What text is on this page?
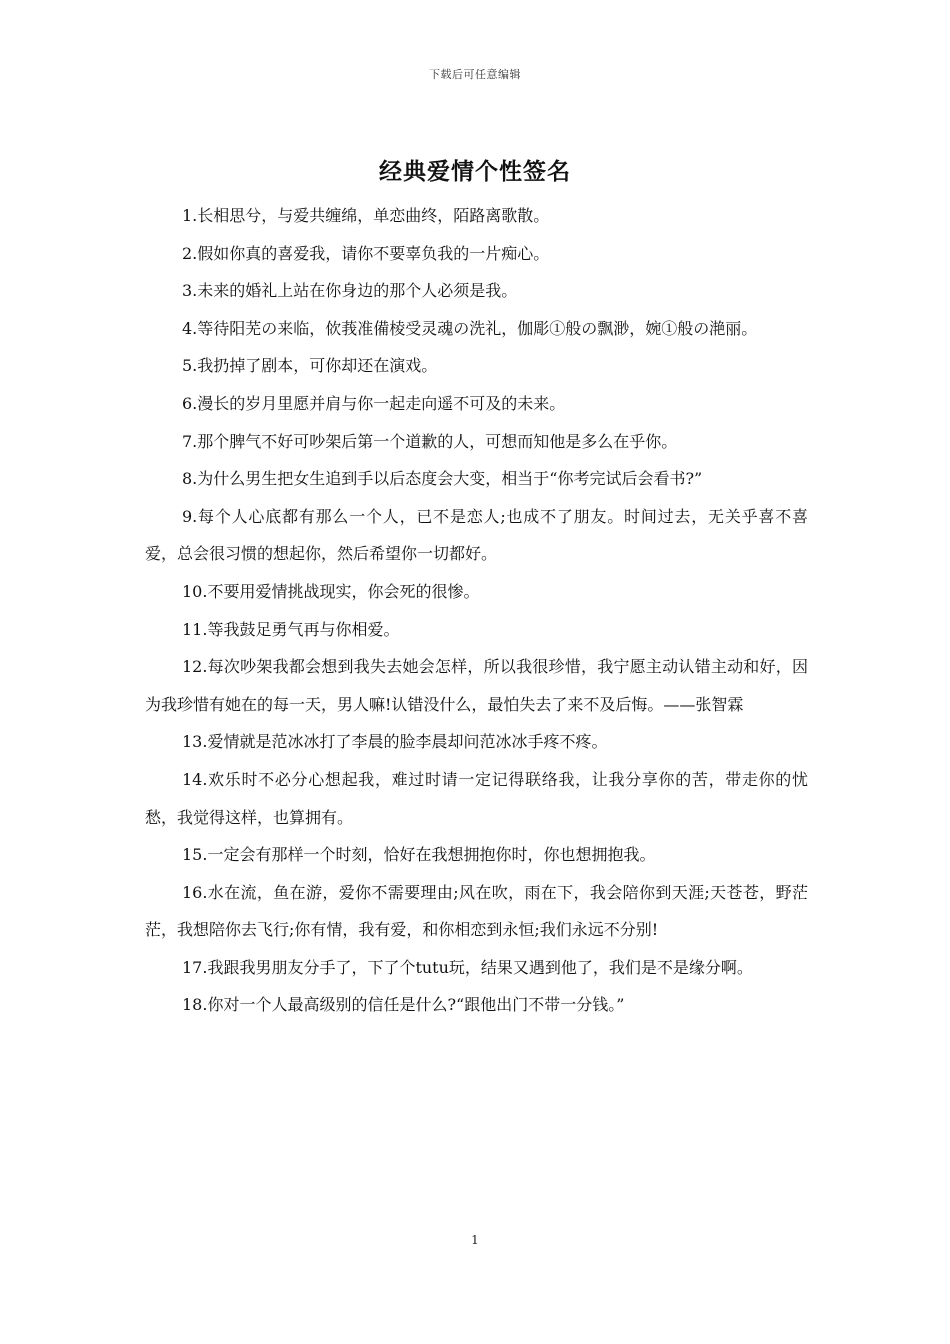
下载后可任意编辑
经典爱情个性签名
1.长相思兮，与爱共缠绵，单恋曲终，陌路离歌散。
2.假如你真的喜爱我，请你不要辜负我的一片痴心。
3.未来的婚礼上站在你身边的那个人必须是我。
4.等待阳芜の来临，佽莪准備棱受灵魂の洗礼，伽彫①般の飘渺，婉①般の滟丽。
5.我扔掉了剧本，可你却还在演戏。
6.漫长的岁月里愿并肩与你一起走向遥不可及的未来。
7.那个脾气不好可吵架后第一个道歉的人，可想而知他是多么在乎你。
8.为什么男生把女生追到手以后态度会大变，相当于“你考完试后会看书?”
9.每个人心底都有那么一个人，已不是恋人;也成不了朋友。时间过去，无关乎喜不喜爱，总会很习惯的想起你，然后希望你一切都好。
10.不要用爱情挑战现实，你会死的很惨。
11.等我鼓足勇气再与你相爱。
12.每次吵架我都会想到我失去她会怎样，所以我很珍惜，我宁愿主动认错主动和好，因为我珍惜有她在的每一天，男人嘛!认错没什么，最怕失去了来不及后悔。——张智霖
13.爱情就是范冰冰打了李晨的脸李晨却问范冰冰手疼不疼。
14.欢乐时不必分心想起我，难过时请一定记得联络我，让我分享你的苦，带走你的忧愁，我觉得这样，也算拥有。
15.一定会有那样一个时刻，恰好在我想拥抱你时，你也想拥抱我。
16.水在流，鱼在游，爱你不需要理由;风在吹，雨在下，我会陪你到天涯;天苍苍，野茫茫，我想陪你去飞行;你有情，我有爱，和你相恋到永恒;我们永远不分别!
17.我跟我男朋友分手了，下了个tutu玩，结果又遇到他了，我们是不是缘分啊。
18.你对一个人最高级别的信任是什么?“跟他出门不带一分钱。”
1
